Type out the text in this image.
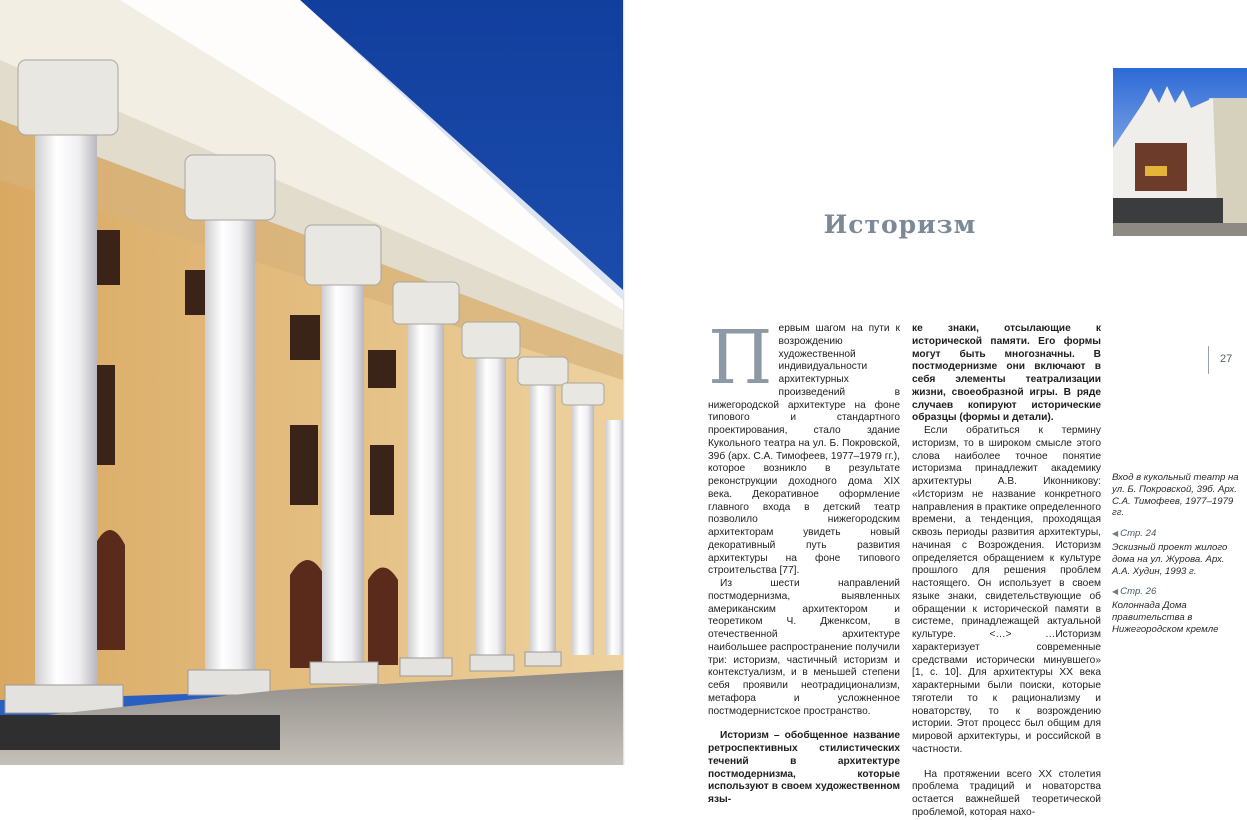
Историзм
27

Первым шагом на пути к возрождению художественной индивидуальности архитектурных произведений в нижегородской архитектуре на фоне типового и стандартного проектирования, стало здание Кукольного театра на ул. Б. Покровской, 39б (арх. С.А. Тимофеев, 1977–1979 гг.), которое возникло в результате реконструкции доходного дома XIX века. Декоративное оформление главного входа в детский театр позволило нижегородским архитекторам увидеть новый декоративный путь развития архитектуры на фоне типового строительства [77].

Из шести направлений постмодернизма, выявленных американским архитектором и теоретиком Ч. Дженксом, в отечественной архитектуре наибольшее распространение получили три: историзм, частичный историзм и контекстуализм, и в меньшей степени себя проявили неотрадиционализм, метафора и усложненное постмодернистское пространство.

Историзм – обобщенное название ретроспективных стилистических течений в архитектуре постмодернизма, которые используют в своем художественном язы-

ке знаки, отсылающие к исторической памяти. Его формы могут быть многозначны. В постмодернизме они включают в себя элементы театрализации жизни, своеобразной игры. В ряде случаев копируют исторические образцы (формы и детали).

Если обратиться к термину историзм, то в широком смысле этого слова наиболее точное понятие историзма принадлежит академику архитектуры А.В. Иконникову: «Историзм не название конкретного направления в практике определенного времени, а тенденция, проходящая сквозь периоды развития архитектуры, начиная с Возрождения. Историзм определяется обращением к культуре прошлого для решения проблем настоящего. Он использует в своем языке знаки, свидетельствующие об обращении к исторической памяти в системе, принадлежащей актуальной культуре. <…> …Историзм характеризует современные средствами исторически минувшего» [1, с. 10]. Для архитектуры ХХ века характерными были поиски, которые тяготели то к рационализму и новаторству, то к возрождению истории. Этот процесс был общим для мировой архитектуры, и российской в частности.

На протяжении всего ХХ столетия проблема традиций и новаторства остается важнейшей теоретической проблемой, которая нахо-

Вход в кукольный театр на ул. Б. Покровской, 39б. Арх. С.А. Тимофеев, 1977–1979 гг.

◀ Стр. 24

Эскизный проект жилого дома на ул. Журова. Арх. А.А. Худин, 1993 г.

◀ Стр. 26

Колоннада Дома правительства в Нижегородском кремле
